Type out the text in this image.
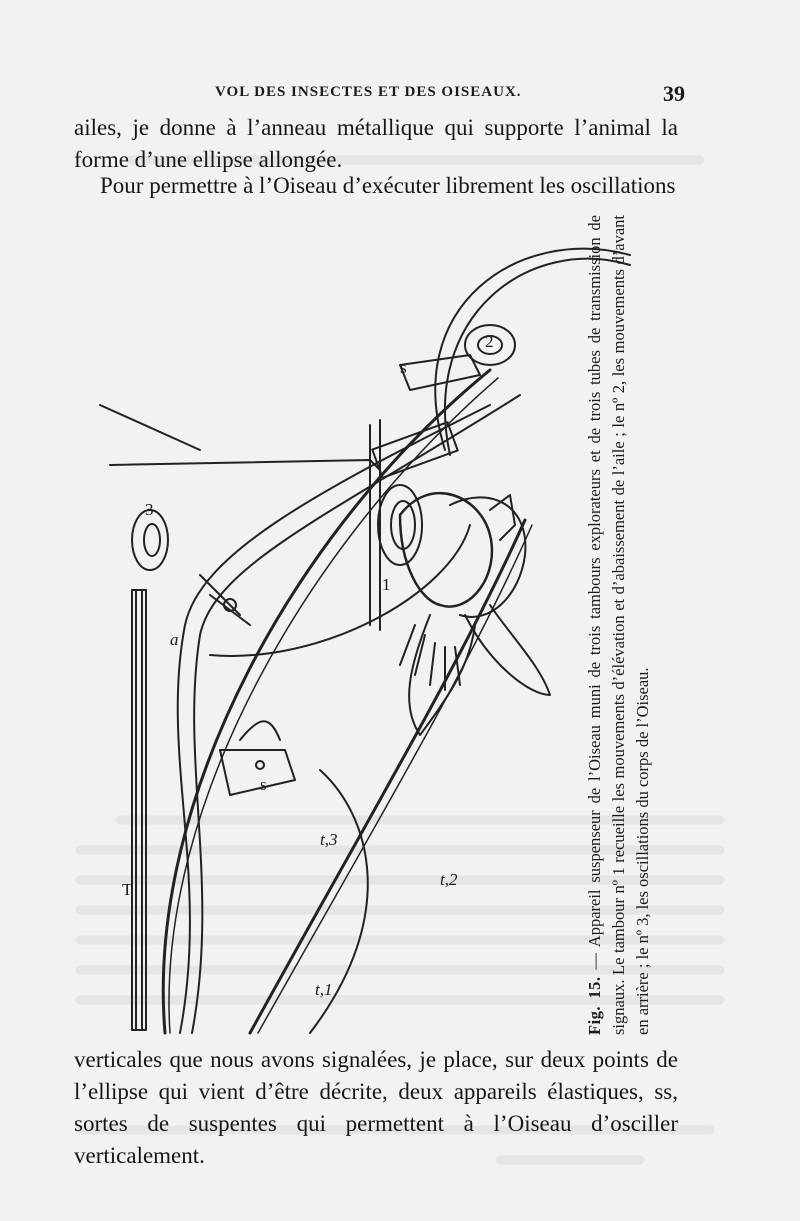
VOL DES INSECTES ET DES OISEAUX.	39

ailes, je donne à l’anneau métallique qui supporte l’animal la forme d’une ellipse allongée.

Pour permettre à l’Oiseau d’exécuter librement les oscillations

s
s
1
2
3
a
T
t,1
t,2
t,3
Fig. 15. — Appareil suspenseur de l’Oiseau muni de trois tambours explorateurs et de trois tubes de transmission de signaux. Le tambour nº 1 recueille les mouvements d’élévation et d’abaissement de l’aile ; le nº 2, les mouvements d’avant en arrière ; le nº 3, les oscillations du corps de l’Oiseau.

verticales que nous avons signalées, je place, sur deux points de l’ellipse qui vient d’être décrite, deux appareils élastiques, ss, sortes de suspentes qui permettent à l’Oiseau d’osciller verticalement.
